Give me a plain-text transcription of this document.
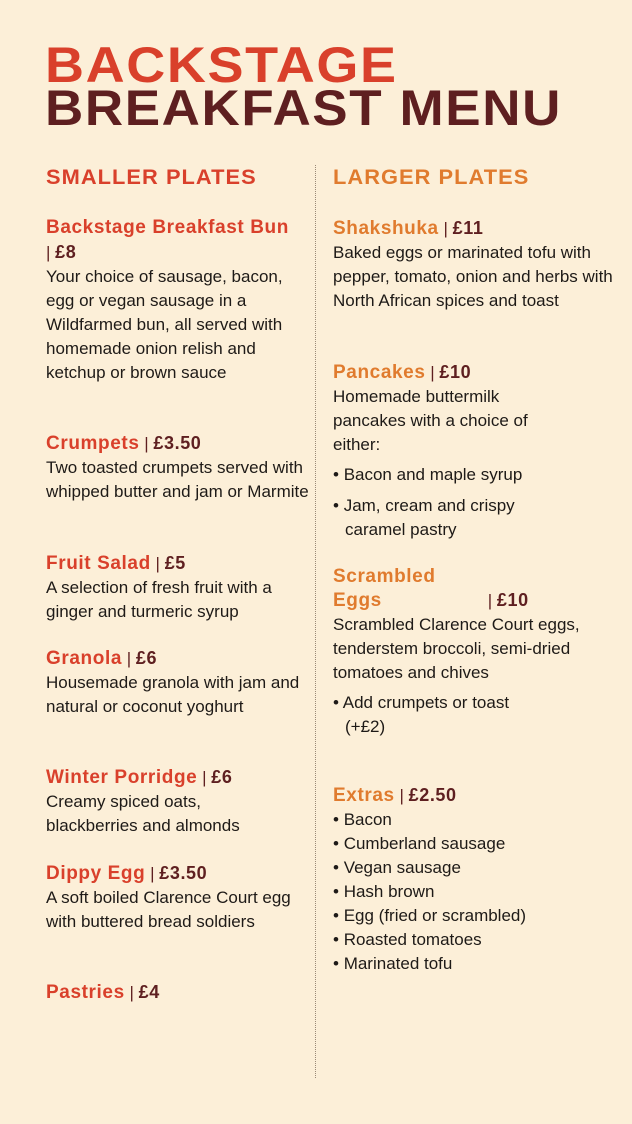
BACKSTAGE
BREAKFAST MENU
SMALLER PLATES	LARGER PLATES
Backstage Breakfast Bun | £8
Your choice of sausage, bacon, egg or vegan sausage in a Wildfarmed bun, all served with homemade onion relish and ketchup or brown sauce
Crumpets | £3.50
Two toasted crumpets served with whipped butter and jam or Marmite
Fruit Salad | £5
A selection of fresh fruit with a ginger and turmeric syrup
Granola | £6
Housemade granola with jam and natural or coconut yoghurt
Winter Porridge | £6
Creamy spiced oats, blackberries and almonds
Dippy Egg | £3.50
A soft boiled Clarence Court egg with buttered bread soldiers
Pastries | £4
Shakshuka | £11
Baked eggs or marinated tofu with pepper, tomato, onion and herbs with North African spices and toast
Pancakes | £10
Homemade buttermilk pancakes with a choice of either:
• Bacon and maple syrup
• Jam, cream and crispy caramel pastry
Scrambled Eggs	| £10
Scrambled Clarence Court eggs, tenderstem broccoli, semi-dried tomatoes and chives
• Add crumpets or toast
(+£2)
Extras | £2.50
• Bacon
• Cumberland sausage
• Vegan sausage
• Hash brown
• Egg (fried or scrambled)
• Roasted tomatoes
• Marinated tofu
